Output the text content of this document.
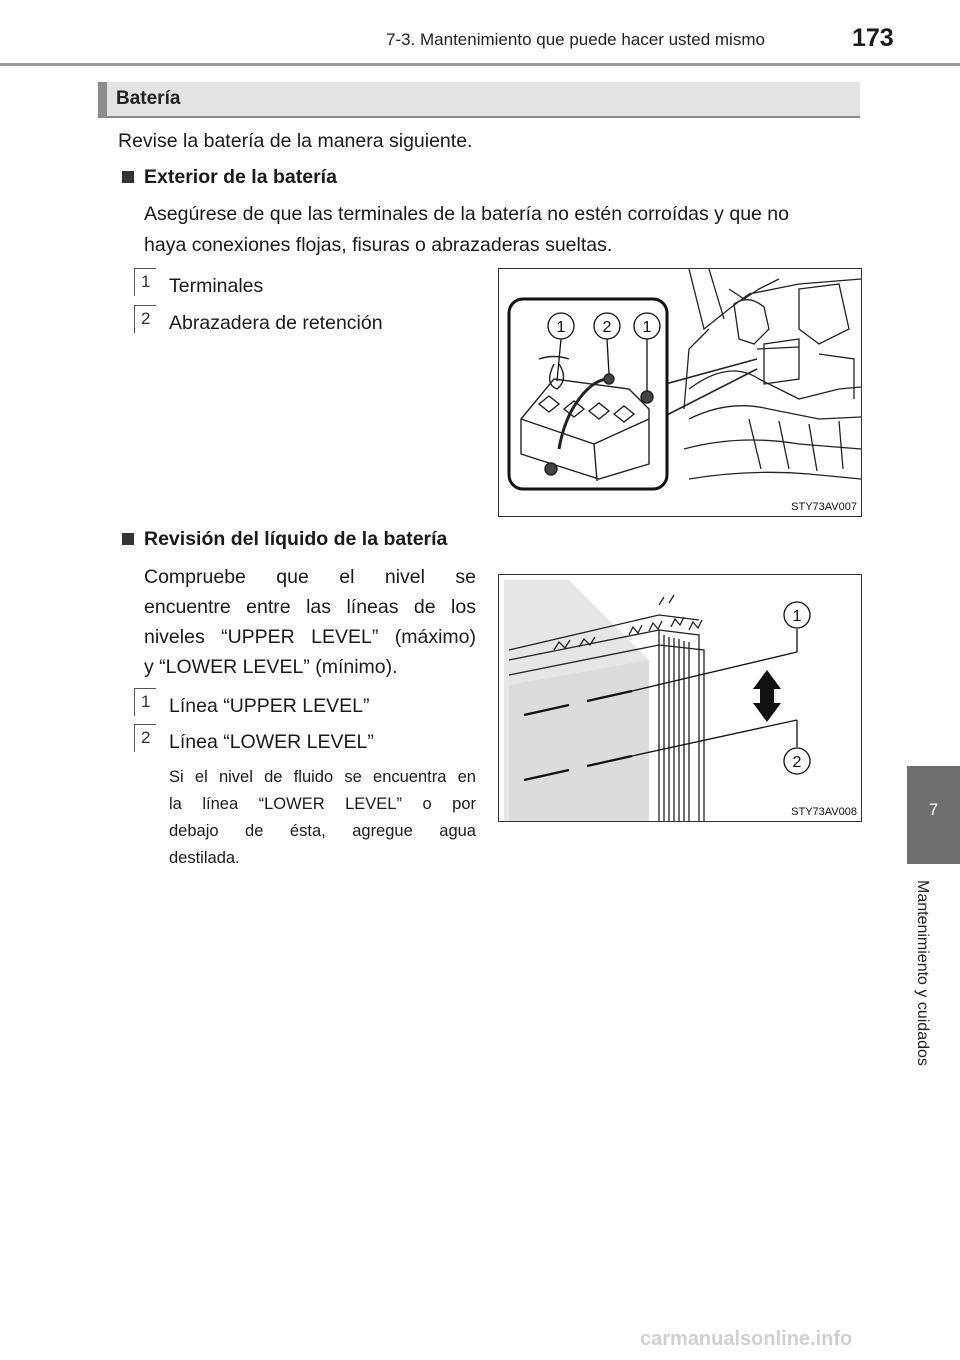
7-3. Mantenimiento que puede hacer usted mismo	173
Batería
Revise la batería de la manera siguiente.
Exterior de la batería
Asegúrese de que las terminales de la batería no estén corroídas y que no
haya conexiones flojas, fisuras o abrazaderas sueltas.
1 Terminales
2 Abrazadera de retención	1 2 1
STY73AV007
Revisión del líquido de la batería
Compruebe que el nivel se
encuentre entre las líneas de los
niveles “UPPER LEVEL” (máximo)
y “LOWER LEVEL” (mínimo).
1 Línea “UPPER LEVEL”
2 Línea “LOWER LEVEL”
Si el nivel de fluido se encuentra en
la línea “LOWER LEVEL” o por
debajo de ésta, agregue agua
destilada.
1
2
STY73AV008	7
Mantenimiento y cuidados
carmanualsonline.info
